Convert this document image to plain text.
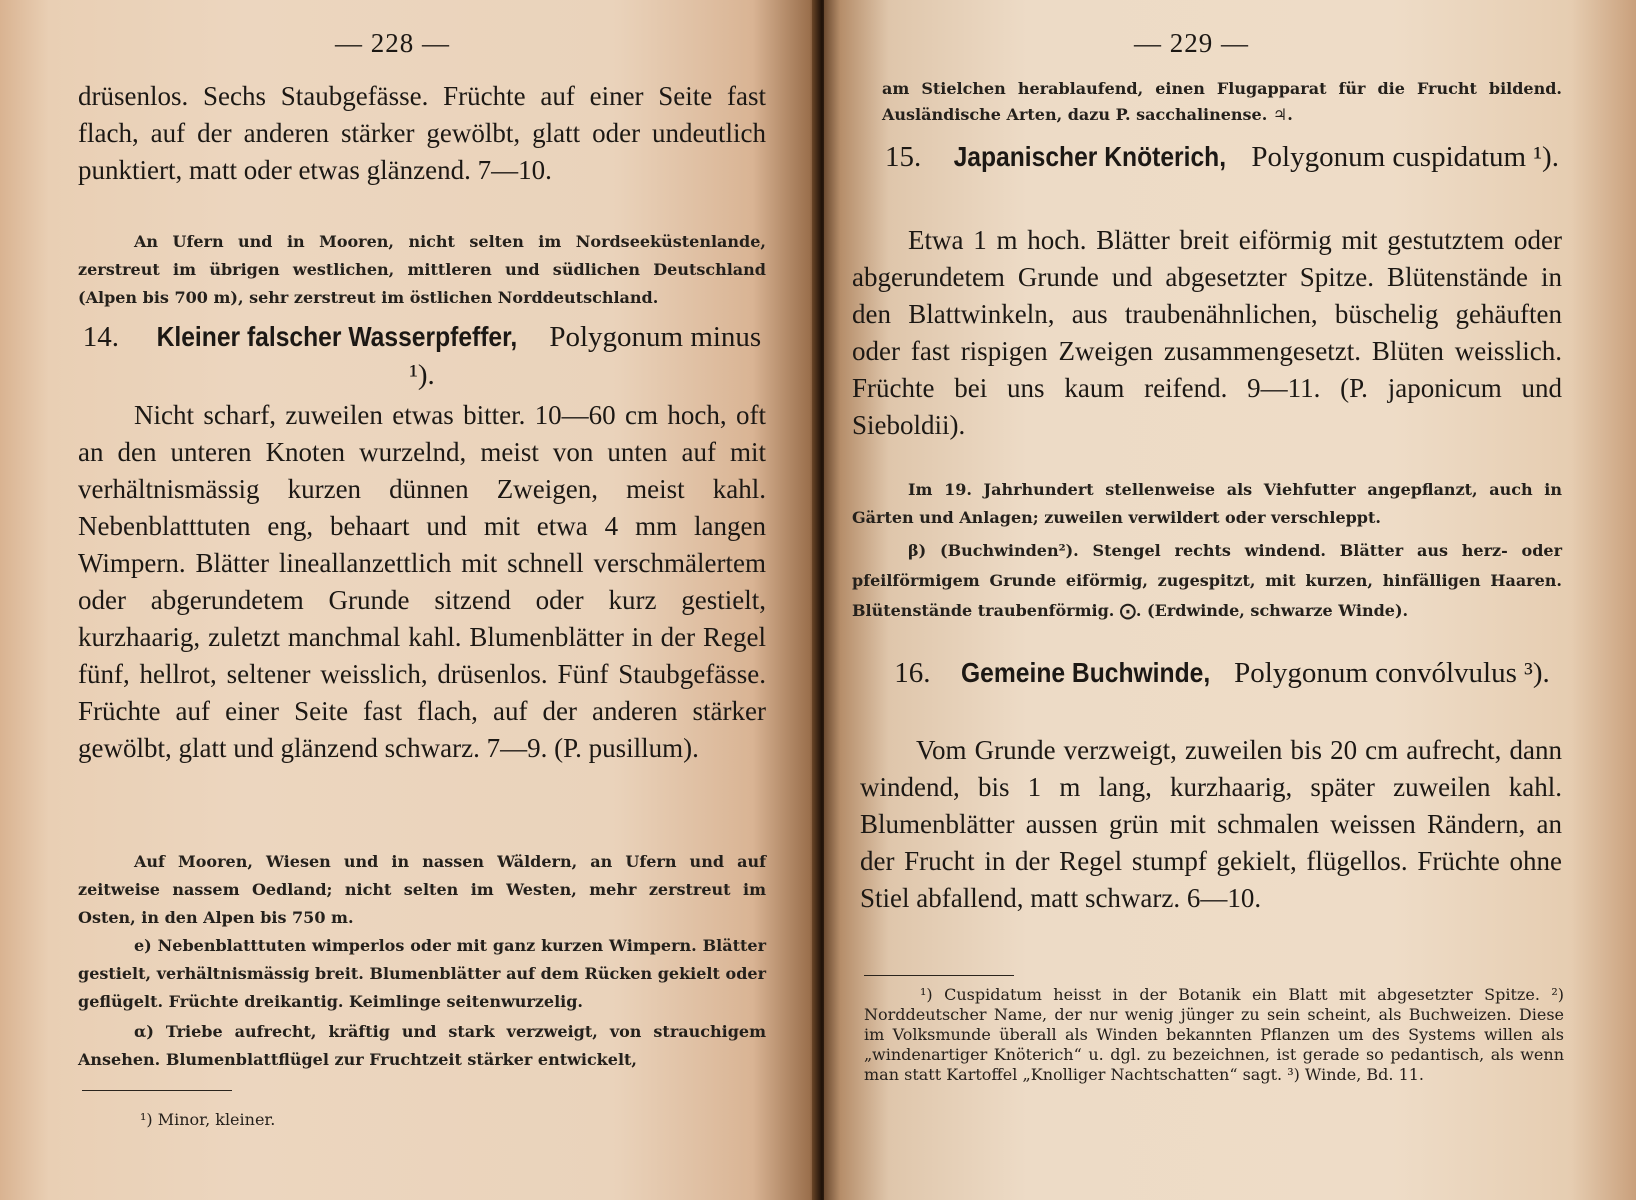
— 228 —
drüsenlos. Sechs Staubgefässe. Früchte auf einer Seite fast flach, auf der anderen stärker gewölbt, glatt oder undeutlich punktiert, matt oder etwas glänzend. 7—10.
An Ufern und in Mooren, nicht selten im Nordseeküstenlande, zerstreut im übrigen westlichen, mittleren und südlichen Deutschland (Alpen bis 700 m), sehr zerstreut im östlichen Norddeutschland.
14. Kleiner falscher Wasserpfeffer, Polygonum minus ¹).
Nicht scharf, zuweilen etwas bitter. 10—60 cm hoch, oft an den unteren Knoten wurzelnd, meist von unten auf mit verhältnismässig kurzen dünnen Zweigen, meist kahl. Nebenblatttuten eng, behaart und mit etwa 4 mm langen Wimpern. Blätter lineallanzettlich mit schnell verschmälertem oder abgerundetem Grunde sitzend oder kurz gestielt, kurzhaarig, zuletzt manchmal kahl. Blumenblätter in der Regel fünf, hellrot, seltener weisslich, drüsenlos. Fünf Staubgefässe. Früchte auf einer Seite fast flach, auf der anderen stärker gewölbt, glatt und glänzend schwarz. 7—9. (P. pusillum).
Auf Mooren, Wiesen und in nassen Wäldern, an Ufern und auf zeitweise nassem Oedland; nicht selten im Westen, mehr zerstreut im Osten, in den Alpen bis 750 m.
e) Nebenblatttuten wimperlos oder mit ganz kurzen Wimpern. Blätter gestielt, verhältnismässig breit. Blumenblätter auf dem Rücken gekielt oder geflügelt. Früchte dreikantig. Keimlinge seitenwurzelig.
α) Triebe aufrecht, kräftig und stark verzweigt, von strauchigem Ansehen. Blumenblattflügel zur Fruchtzeit stärker entwickelt,
¹) Minor, kleiner.
— 229 —
am Stielchen herablaufend, einen Flugapparat für die Frucht bildend. Ausländische Arten, dazu P. sacchalinense. ♃.
15. Japanischer Knöterich, Polygonum cuspidatum ¹).
Etwa 1 m hoch. Blätter breit eiförmig mit gestutztem oder abgerundetem Grunde und abgesetzter Spitze. Blütenstände in den Blattwinkeln, aus traubenähnlichen, büschelig gehäuften oder fast rispigen Zweigen zusammengesetzt. Blüten weisslich. Früchte bei uns kaum reifend. 9—11. (P. japonicum und Sieboldii).
Im 19. Jahrhundert stellenweise als Viehfutter angepflanzt, auch in Gärten und Anlagen; zuweilen verwildert oder verschleppt.
β) (Buchwinden²). Stengel rechts windend. Blätter aus herz- oder pfeilförmigem Grunde eiförmig, zugespitzt, mit kurzen, hinfälligen Haaren. Blütenstände traubenförmig. ⨀. (Erdwinde, schwarze Winde).
16. Gemeine Buchwinde, Polygonum convólvulus ³).
Vom Grunde verzweigt, zuweilen bis 20 cm aufrecht, dann windend, bis 1 m lang, kurzhaarig, später zuweilen kahl. Blumenblätter aussen grün mit schmalen weissen Rändern, an der Frucht in der Regel stumpf gekielt, flügellos. Früchte ohne Stiel abfallend, matt schwarz. 6—10.
¹) Cuspidatum heisst in der Botanik ein Blatt mit abgesetzter Spitze. ²) Norddeutscher Name, der nur wenig jünger zu sein scheint, als Buchweizen. Diese im Volksmunde überall als Winden bekannten Pflanzen um des Systems willen als „windenartiger Knöterich“ u. dgl. zu bezeichnen, ist gerade so pedantisch, als wenn man statt Kartoffel „Knolliger Nachtschatten“ sagt. ³) Winde, Bd. 11.
